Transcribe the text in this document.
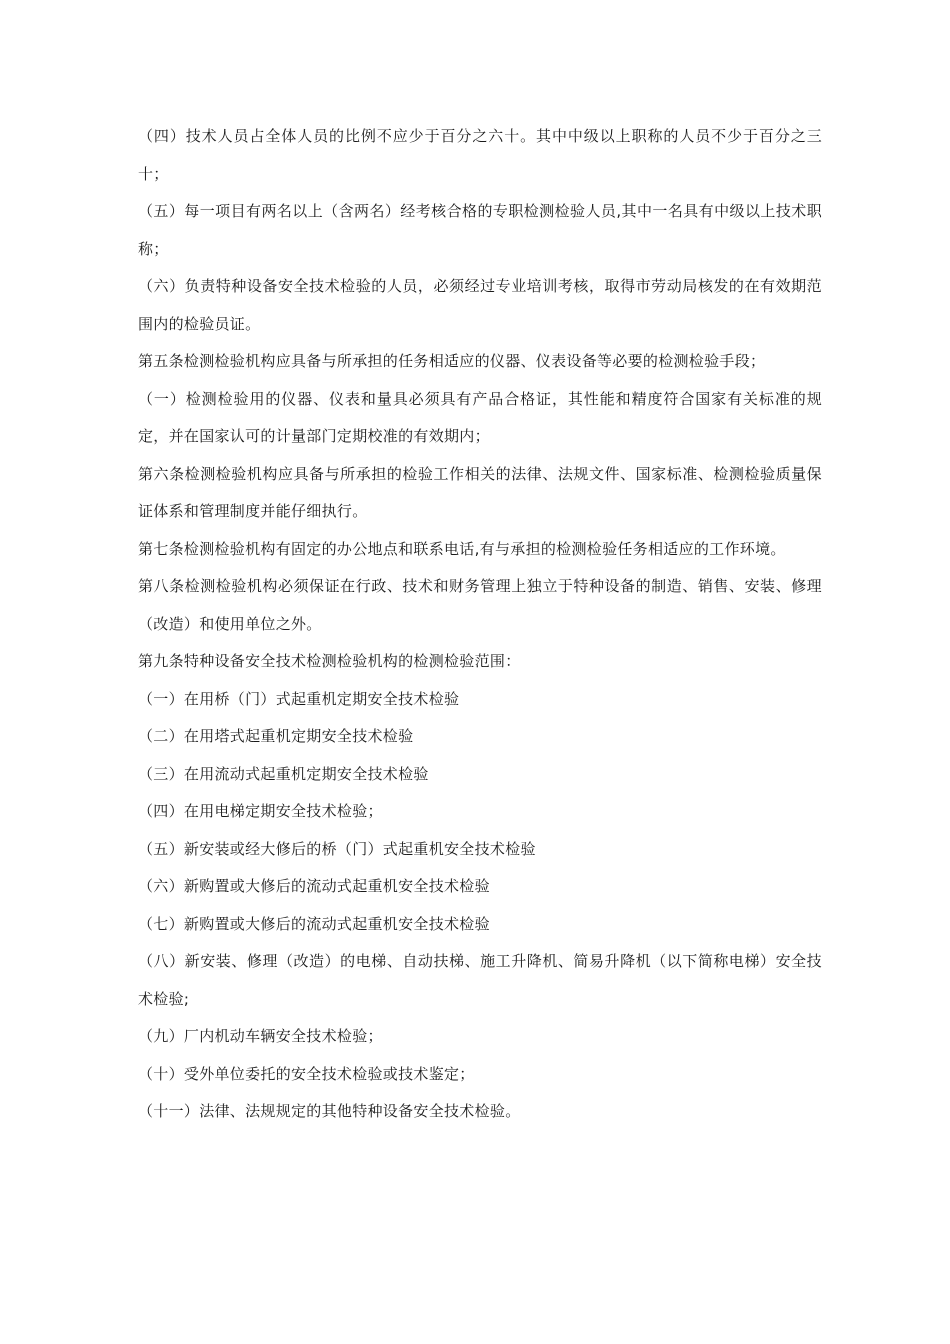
（四）技术人员占全体人员的比例不应少于百分之六十。其中中级以上职称的人员不少于百分之三十；

（五）每一项目有两名以上（含两名）经考核合格的专职检测检验人员,其中一名具有中级以上技术职称；

（六）负责特种设备安全技术检验的人员，必须经过专业培训考核，取得市劳动局核发的在有效期范围内的检验员证。

第五条检测检验机构应具备与所承担的任务相适应的仪器、仪表设备等必要的检测检验手段；

（一）检测检验用的仪器、仪表和量具必须具有产品合格证，其性能和精度符合国家有关标准的规定，并在国家认可的计量部门定期校准的有效期内；

第六条检测检验机构应具备与所承担的检验工作相关的法律、法规文件、国家标准、检测检验质量保证体系和管理制度并能仔细执行。

第七条检测检验机构有固定的办公地点和联系电话,有与承担的检测检验任务相适应的工作环境。

第八条检测检验机构必须保证在行政、技术和财务管理上独立于特种设备的制造、销售、安装、修理（改造）和使用单位之外。

第九条特种设备安全技术检测检验机构的检测检验范围：

（一）在用桥（门）式起重机定期安全技术检验

（二）在用塔式起重机定期安全技术检验

（三）在用流动式起重机定期安全技术检验

（四）在用电梯定期安全技术检验；

（五）新安装或经大修后的桥（门）式起重机安全技术检验

（六）新购置或大修后的流动式起重机安全技术检验

（七）新购置或大修后的流动式起重机安全技术检验

（八）新安装、修理（改造）的电梯、自动扶梯、施工升降机、简易升降机（以下简称电梯）安全技术检验;

（九）厂内机动车辆安全技术检验；

（十）受外单位委托的安全技术检验或技术鉴定；

（十一）法律、法规规定的其他特种设备安全技术检验。
